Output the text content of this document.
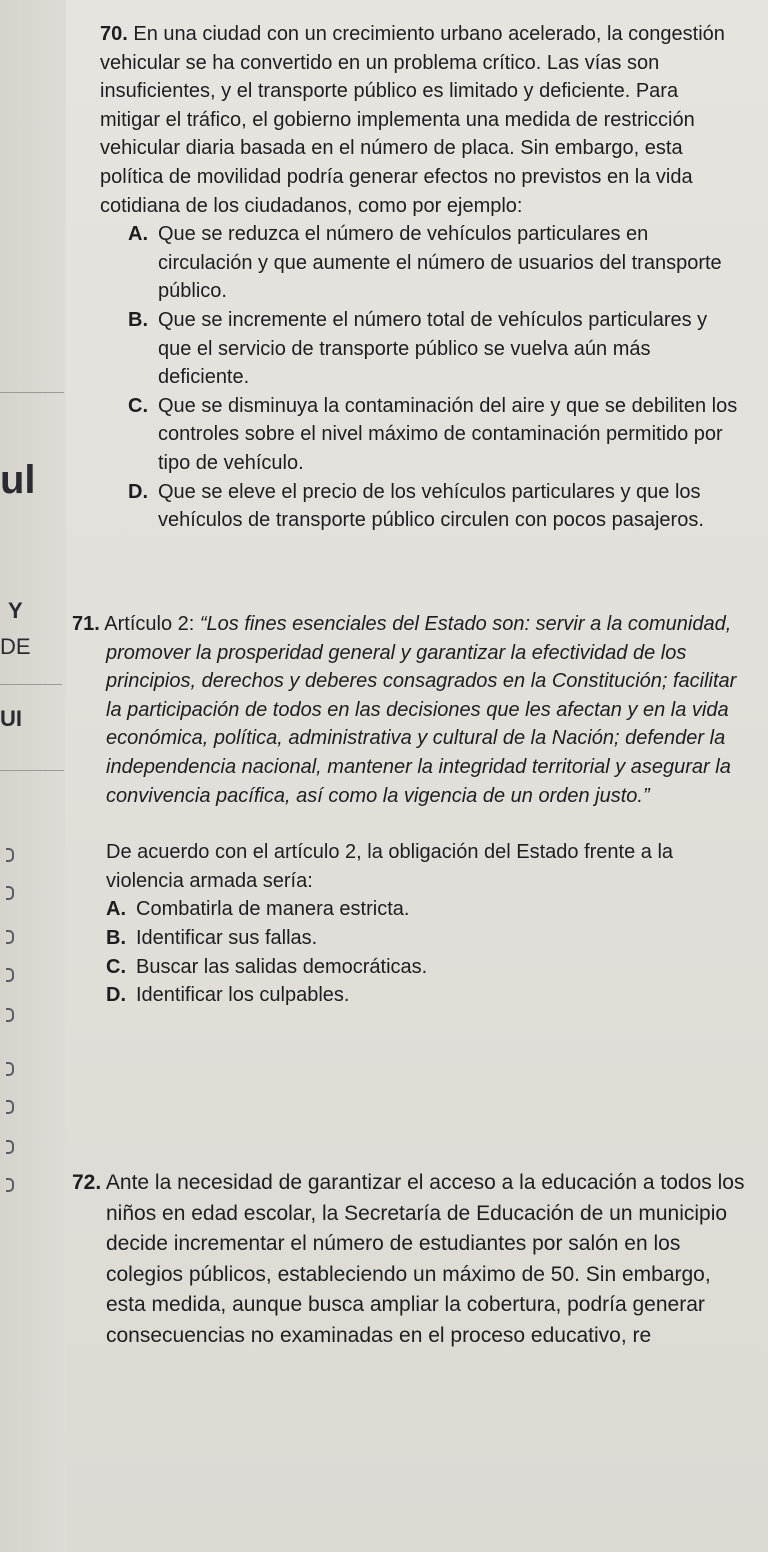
ul
Y
DE
UI

70. En una ciudad con un crecimiento urbano acelerado, la congestión vehicular se ha convertido en un problema crítico. Las vías son insuficientes, y el transporte público es limitado y deficiente. Para mitigar el tráfico, el gobierno implementa una medida de restricción vehicular diaria basada en el número de placa. Sin embargo, esta política de movilidad podría generar efectos no previstos en la vida cotidiana de los ciudadanos, como por ejemplo:

A. Que se reduzca el número de vehículos particulares en circulación y que aumente el número de usuarios del transporte público.
B. Que se incremente el número total de vehículos particulares y que el servicio de transporte público se vuelva aún más deficiente.
C. Que se disminuya la contaminación del aire y que se debiliten los controles sobre el nivel máximo de contaminación permitido por tipo de vehículo.
D. Que se eleve el precio de los vehículos particulares y que los vehículos de transporte público circulen con pocos pasajeros.

71. Artículo 2: “Los fines esenciales del Estado son: servir a la comunidad, promover la prosperidad general y garantizar la efectividad de los principios, derechos y deberes consagrados en la Constitución; facilitar la participación de todos en las decisiones que les afectan y en la vida económica, política, administrativa y cultural de la Nación; defender la independencia nacional, mantener la integridad territorial y asegurar la convivencia pacífica, así como la vigencia de un orden justo.”

De acuerdo con el artículo 2, la obligación del Estado frente a la violencia armada sería:

A. Combatirla de manera estricta.
B. Identificar sus fallas.
C. Buscar las salidas democráticas.
D. Identificar los culpables.

72. Ante la necesidad de garantizar el acceso a la educación a todos los niños en edad escolar, la Secretaría de Educación de un municipio decide incrementar el número de estudiantes por salón en los colegios públicos, estableciendo un máximo de 50. Sin embargo, esta medida, aunque busca ampliar la cobertura, podría generar consecuencias no examinadas en el proceso educativo, re
